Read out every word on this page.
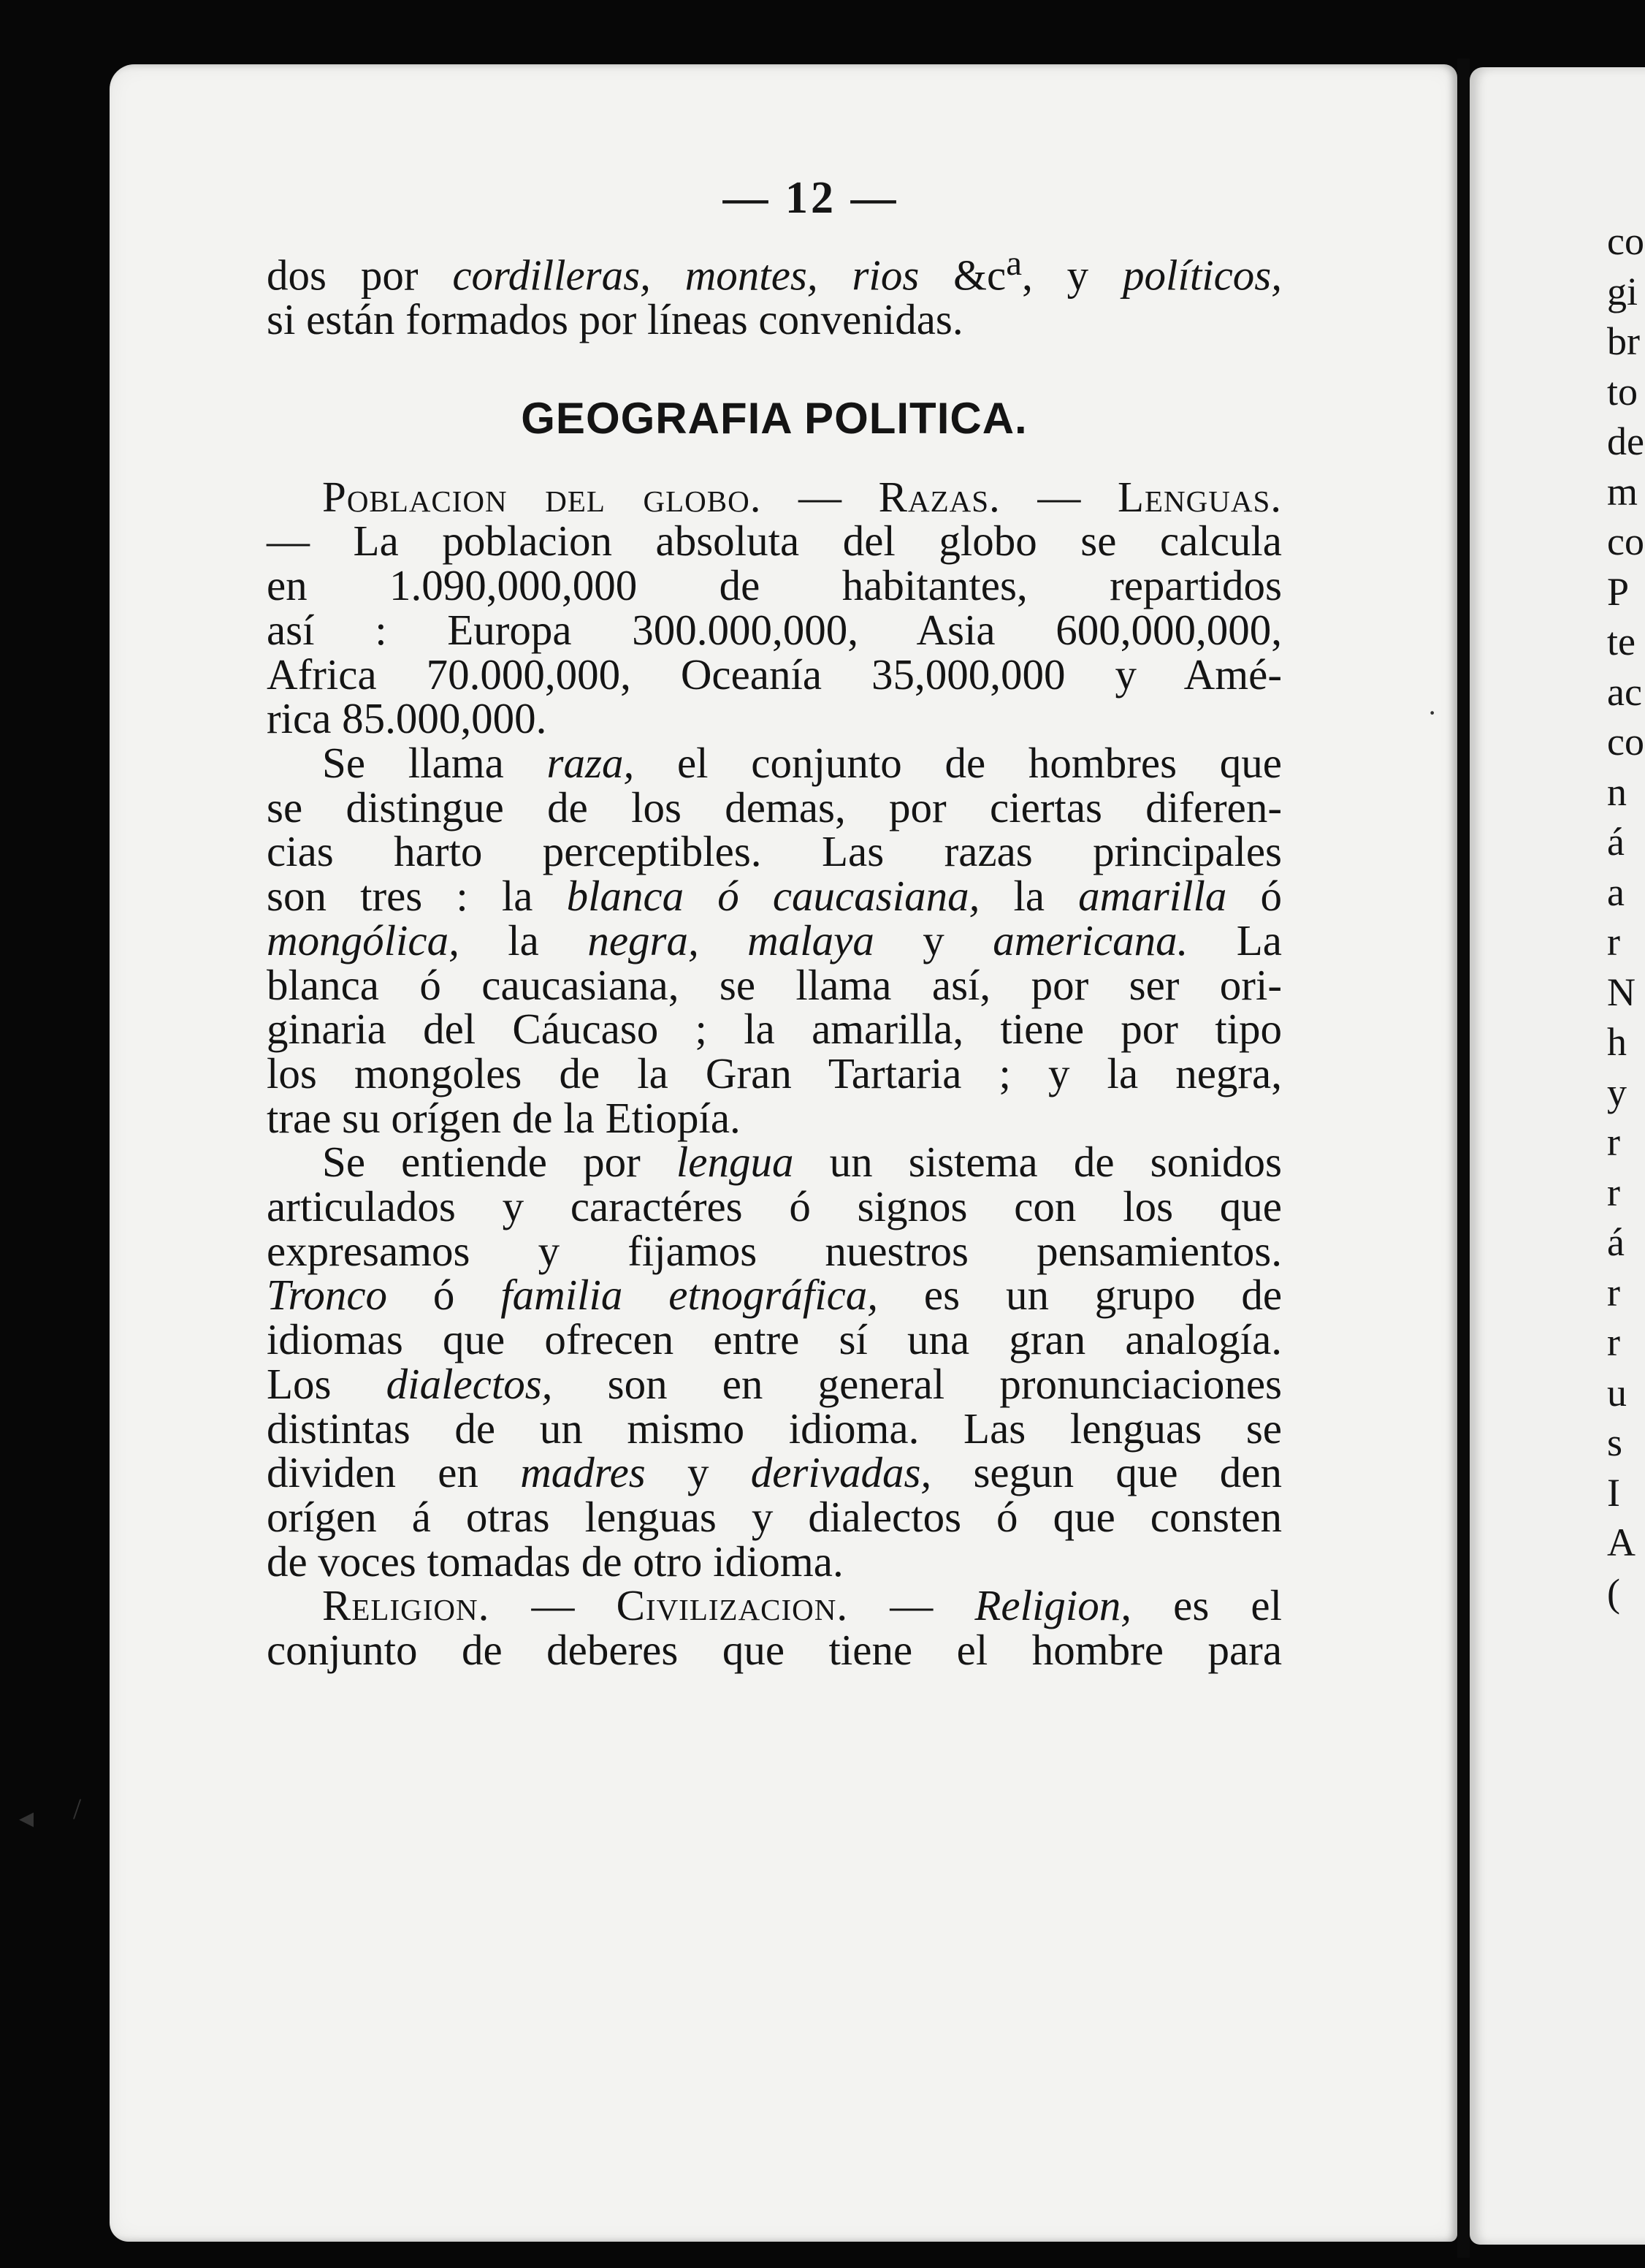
— 12 —

dos por cordilleras, montes, rios $\&c^a$, y políticos,

si están formados por líneas convenidas.

GEOGRAFIA POLITICA.

Poblacion del globo. — Razas. — Lenguas.

— La poblacion absoluta del globo se calcula

en 1.090,000,000 de habitantes, repartidos

así : Europa 300.000,000, Asia 600,000,000,

Africa 70.000,000, Oceanía 35,000,000 y Amé-

rica 85.000,000.

Se llama raza, el conjunto de hombres que

se distingue de los demas, por ciertas diferen-

cias harto perceptibles. Las razas principales

son tres : la blanca ó caucasiana, la amarilla ó

mongólica, la negra, malaya y americana. La

blanca ó caucasiana, se llama así, por ser ori-

ginaria del Cáucaso ; la amarilla, tiene por tipo

los mongoles de la Gran Tartaria ; y la negra,

trae su orígen de la Etiopía.

Se entiende por lengua un sistema de sonidos

articulados y caractéres ó signos con los que

expresamos y fijamos nuestros pensamientos.

Tronco ó familia etnográfica, es un grupo de

idiomas que ofrecen entre sí una gran analogía.

Los dialectos, son en general pronunciaciones

distintas de un mismo idioma. Las lenguas se

dividen en madres y derivadas, segun que den

orígen á otras lenguas y dialectos ó que consten

de voces tomadas de otro idioma.

Religion. — Civilizacion. — Religion, es el

conjunto de deberes que tiene el hombre para

co
gi
br
to
de
m
co
P
te
ac
co
n
á
a
r
N
h
y
r
r
á
r
r
u
s
I
A
(
◂ /
·
